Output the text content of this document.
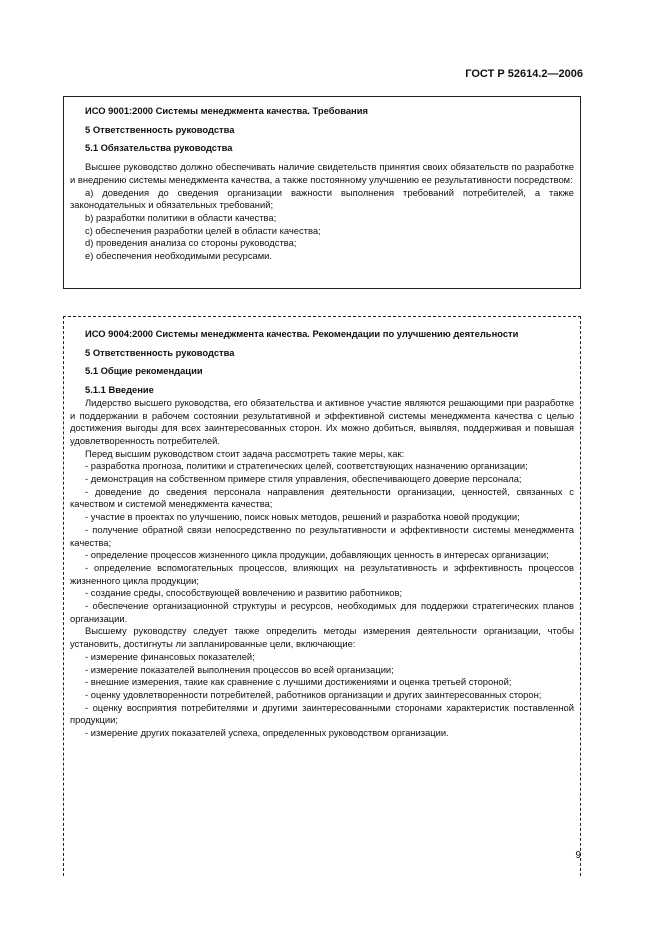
ГОСТ Р 52614.2—2006

ИСО 9001:2000 Системы менеджмента качества. Требования

5 Ответственность руководства

5.1 Обязательства руководства

Высшее руководство должно обеспечивать наличие свидетельств принятия своих обязательств по разработке и внедрению системы менеджмента качества, а также постоянному улучшению ее результативности посредством:

a) доведения до сведения организации важности выполнения требований потребителей, а также законодательных и обязательных требований;

b) разработки политики в области качества;

c) обеспечения разработки целей в области качества;

d) проведения анализа со стороны руководства;

e) обеспечения необходимыми ресурсами.

ИСО 9004:2000 Системы менеджмента качества. Рекомендации по улучшению деятельности

5 Ответственность руководства

5.1 Общие рекомендации

5.1.1 Введение

Лидерство высшего руководства, его обязательства и активное участие являются решающими при разработке и поддержании в рабочем состоянии результативной и эффективной системы менеджмента качества с целью достижения выгоды для всех заинтересованных сторон. Их можно добиться, выявляя, поддерживая и повышая удовлетворенность потребителей.

Перед высшим руководством стоит задача рассмотреть такие меры, как:

- разработка прогноза, политики и стратегических целей, соответствующих назначению организации;

- демонстрация на собственном примере стиля управления, обеспечивающего доверие персонала;

- доведение до сведения персонала направления деятельности организации, ценностей, связанных с качеством и системой менеджмента качества;

- участие в проектах по улучшению, поиск новых методов, решений и разработка новой продукции;

- получение обратной связи непосредственно по результативности и эффективности системы менеджмента качества;

- определение процессов жизненного цикла продукции, добавляющих ценность в интересах организации;

- определение вспомогательных процессов, влияющих на результативность и эффективность процессов жизненного цикла продукции;

- создание среды, способствующей вовлечению и развитию работников;

- обеспечение организационной структуры и ресурсов, необходимых для поддержки стратегических планов организации.

Высшему руководству следует также определить методы измерения деятельности организации, чтобы установить, достигнуты ли запланированные цели, включающие:

- измерение финансовых показателей;

- измерение показателей выполнения процессов во всей организации;

- внешние измерения, такие как сравнение с лучшими достижениями и оценка третьей стороной;

- оценку удовлетворенности потребителей, работников организации и других заинтересованных сторон;

- оценку восприятия потребителями и другими заинтересованными сторонами характеристик поставленной продукции;

- измерение других показателей успеха, определенных руководством организации.

9
